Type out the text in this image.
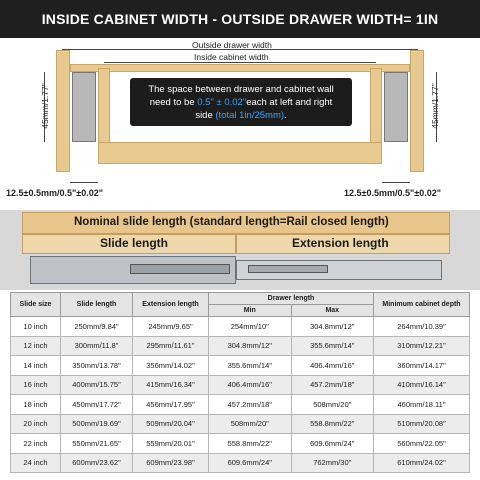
INSIDE CABINET WIDTH - OUTSIDE DRAWER WIDTH= 1IN
Outside drawer width
Inside cabinet width
45mm/1.77"	45mm/1.77"
The space between drawer and cabinet wall
need to be 0.5" ± 0.02"each at left and right
side (total 1in/25mm).
12.5±0.5mm/0.5"±0.02"	12.5±0.5mm/0.5"±0.02"
Nominal slide length (standard length=Rail closed length)
Slide length	Extension length
Slide size	Slide length	Extension length	Drawer length		Minimum cabinet depth
			Min	Max	
10 inch	250mm/9.84"	245mm/9.65"	254mm/10"	304.8mm/12"	264mm/10.39"
12 inch	300mm/11.8"	295mm/11.61"	304.8mm/12"	355.6mm/14"	310mm/12.21"
14 inch	350mm/13.78"	356mm/14.02"	355.6mm/14"	406.4mm/16"	360mm/14.17"
16 inch	400mm/15.75"	415mm/16.34"	406.4mm/16"	457.2mm/18"	410mm/16.14"
18 inch	450mm/17.72"	456mm/17.95"	457.2mm/18"	508mm/20"	460mm/18.11"
20 inch	500mm/19.69"	509mm/20.04"	508mm/20"	558.8mm/22"	510mm/20.08"
22 inch	550mm/21.65"	559mm/20.01"	558.8mm/22"	609.6mm/24"	560mm/22.05"
24 inch	600mm/23.62"	609mm/23.98"	609.6mm/24"	762mm/30"	610mm/24.02"
